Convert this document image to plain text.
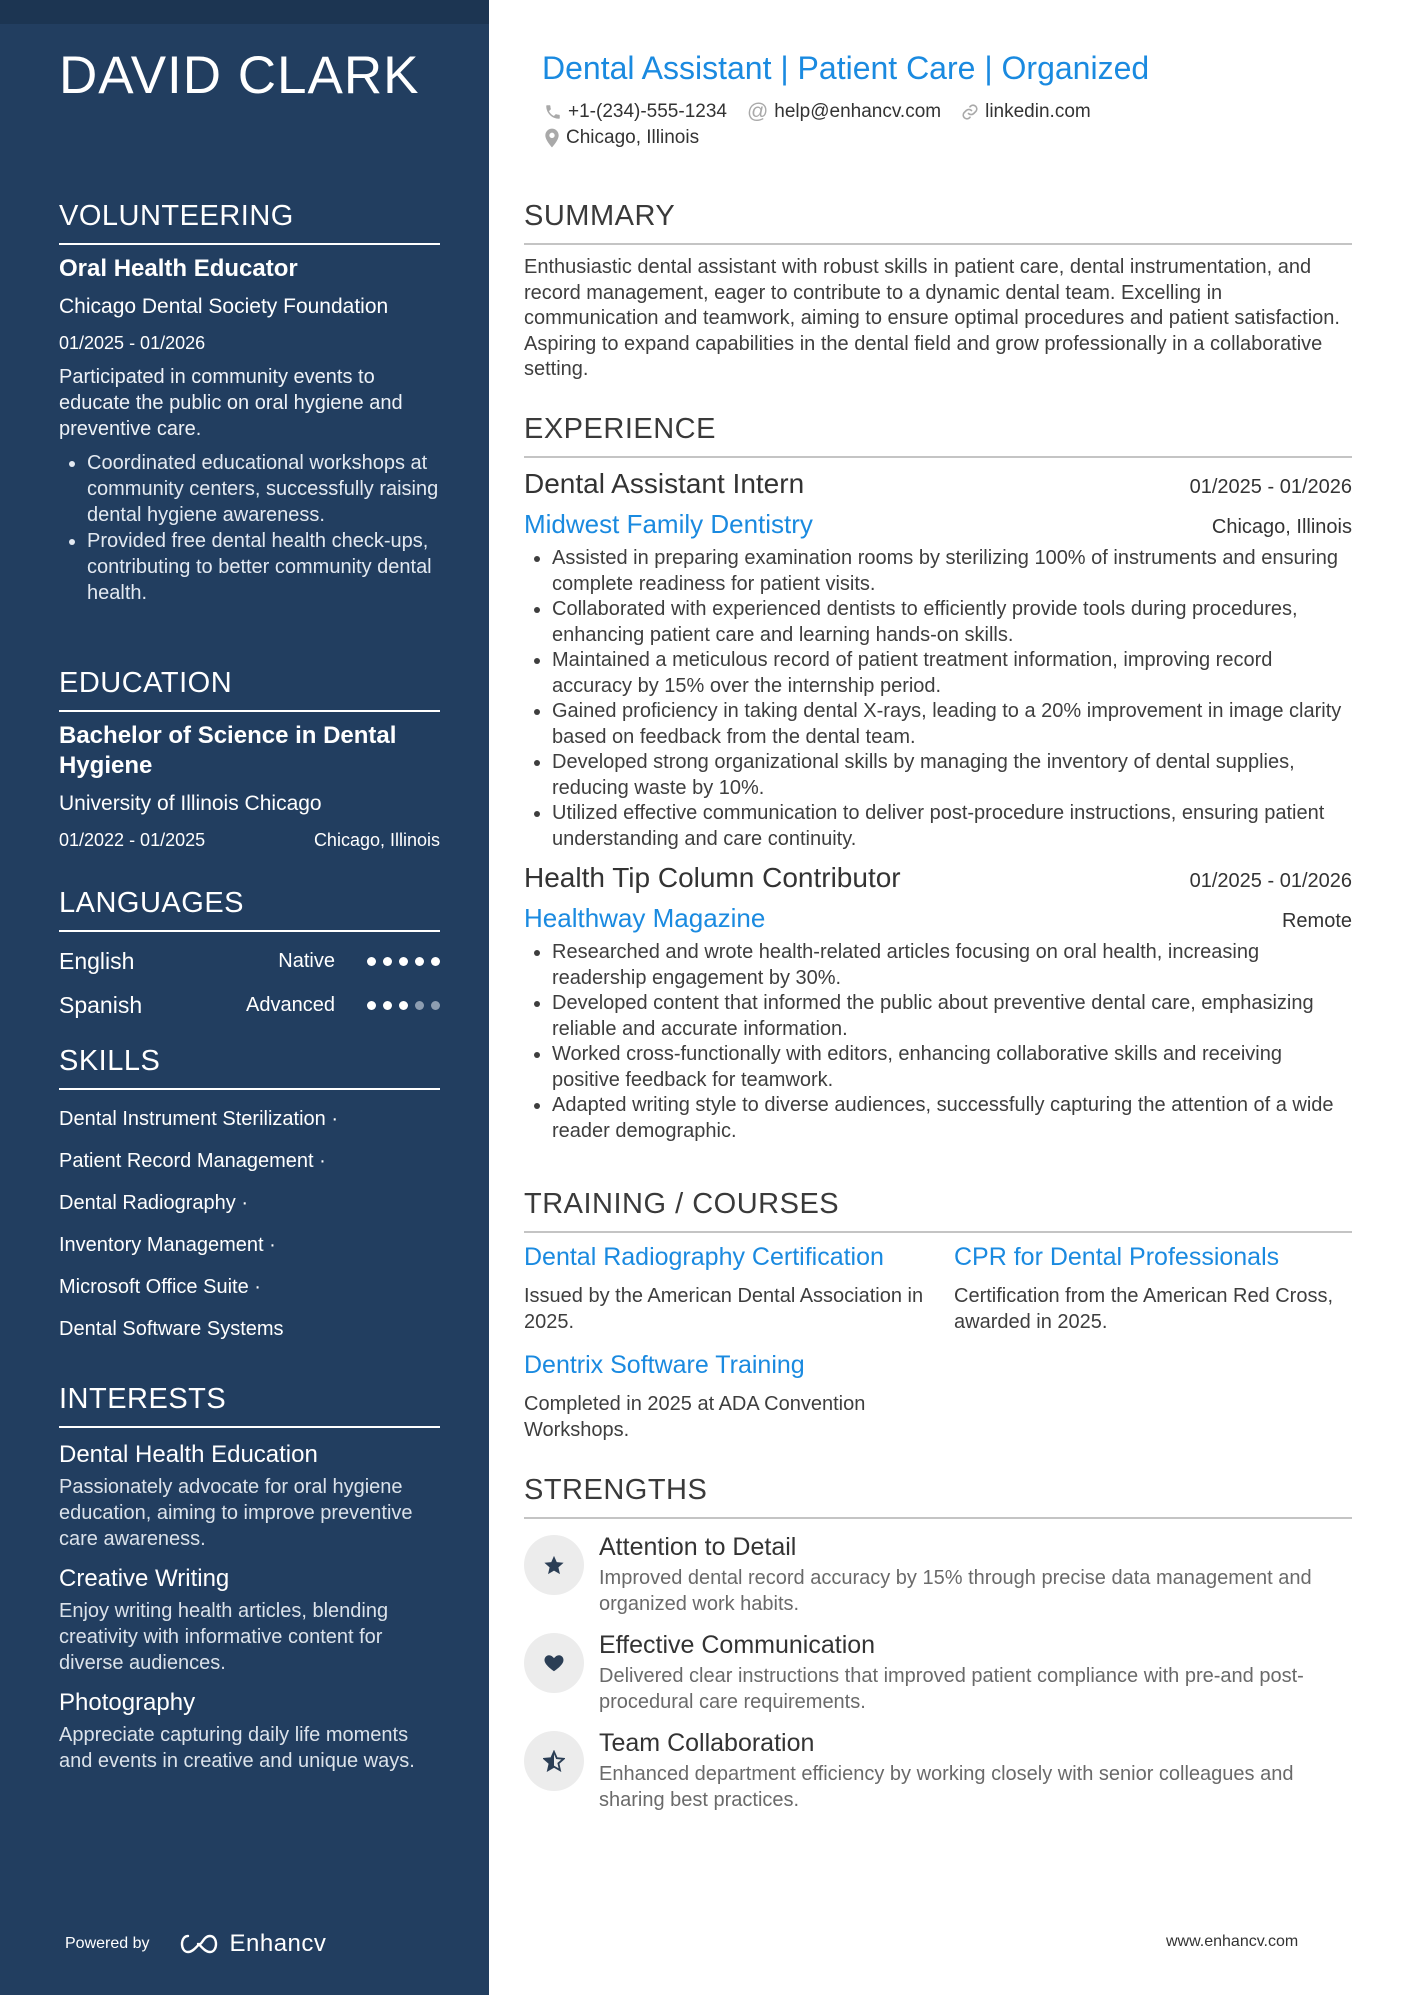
DAVID CLARK
VOLUNTEERING
Oral Health Educator
Chicago Dental Society Foundation
01/2025 - 01/2026
Participated in community events to educate the public on oral hygiene and preventive care.
• Coordinated educational workshops at community centers, successfully raising dental hygiene awareness.
• Provided free dental health check-ups, contributing to better community dental health.
EDUCATION
Bachelor of Science in Dental Hygiene
University of Illinois Chicago
01/2022 - 01/2025	Chicago, Illinois
LANGUAGES
English	Native
Spanish	Advanced
SKILLS
Dental Instrument Sterilization ·
Patient Record Management ·
Dental Radiography ·
Inventory Management ·
Microsoft Office Suite ·
Dental Software Systems
INTERESTS
Dental Health Education
Passionately advocate for oral hygiene education, aiming to improve preventive care awareness.
Creative Writing
Enjoy writing health articles, blending creativity with informative content for diverse audiences.
Photography
Appreciate capturing daily life moments and events in creative and unique ways.
Powered by	Enhancv
Dental Assistant | Patient Care | Organized
+1-(234)-555-1234 @ help@enhancv.com linkedin.com
Chicago, Illinois
SUMMARY
Enthusiastic dental assistant with robust skills in patient care, dental instrumentation, and record management, eager to contribute to a dynamic dental team. Excelling in communication and teamwork, aiming to ensure optimal procedures and patient satisfaction. Aspiring to expand capabilities in the dental field and grow professionally in a collaborative setting.
EXPERIENCE
Dental Assistant Intern	01/2025 - 01/2026
Midwest Family Dentistry	Chicago, Illinois
• Assisted in preparing examination rooms by sterilizing 100% of instruments and ensuring complete readiness for patient visits.
• Collaborated with experienced dentists to efficiently provide tools during procedures, enhancing patient care and learning hands-on skills.
• Maintained a meticulous record of patient treatment information, improving record accuracy by 15% over the internship period.
• Gained proficiency in taking dental X-rays, leading to a 20% improvement in image clarity based on feedback from the dental team.
• Developed strong organizational skills by managing the inventory of dental supplies, reducing waste by 10%.
• Utilized effective communication to deliver post-procedure instructions, ensuring patient understanding and care continuity.
Health Tip Column Contributor	01/2025 - 01/2026
Healthway Magazine	Remote
• Researched and wrote health-related articles focusing on oral health, increasing readership engagement by 30%.
• Developed content that informed the public about preventive dental care, emphasizing reliable and accurate information.
• Worked cross-functionally with editors, enhancing collaborative skills and receiving positive feedback for teamwork.
• Adapted writing style to diverse audiences, successfully capturing the attention of a wide reader demographic.
TRAINING / COURSES
Dental Radiography Certification
Issued by the American Dental Association in 2025.
CPR for Dental Professionals
Certification from the American Red Cross, awarded in 2025.
Dentrix Software Training
Completed in 2025 at ADA Convention Workshops.
STRENGTHS
Attention to Detail
Improved dental record accuracy by 15% through precise data management and organized work habits.
Effective Communication
Delivered clear instructions that improved patient compliance with pre-and post-procedural care requirements.
Team Collaboration
Enhanced department efficiency by working closely with senior colleagues and sharing best practices.
www.enhancv.com
